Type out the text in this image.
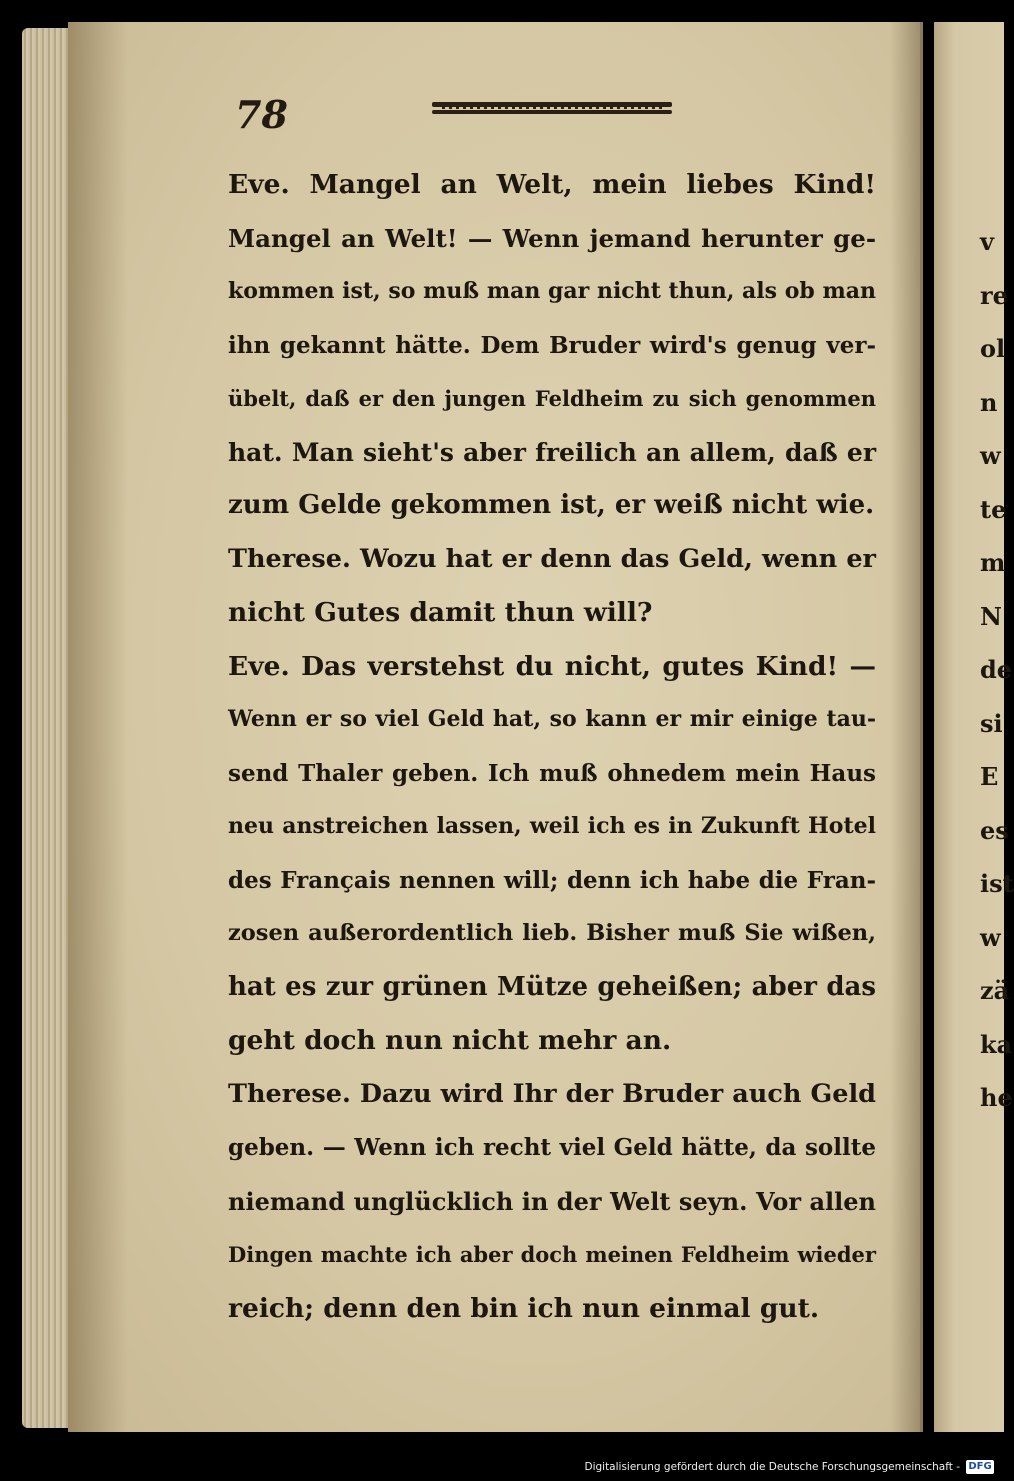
78
Eve. Mangel an Welt, mein liebes Kind!
Mangel an Welt! — Wenn jemand herunter ge-
kommen ist, so muß man gar nicht thun, als ob man
ihn gekannt hätte. Dem Bruder wird's genug ver-
übelt, daß er den jungen Feldheim zu sich genommen
hat. Man sieht's aber freilich an allem, daß er
zum Gelde gekommen ist, er weiß nicht wie.
Therese. Wozu hat er denn das Geld, wenn er
nicht Gutes damit thun will?
Eve. Das verstehst du nicht, gutes Kind! —
Wenn er so viel Geld hat, so kann er mir einige tau-
send Thaler geben. Ich muß ohnedem mein Haus
neu anstreichen lassen, weil ich es in Zukunft Hotel
des Français nennen will; denn ich habe die Fran-
zosen außerordentlich lieb. Bisher muß Sie wißen,
hat es zur grünen Mütze geheißen; aber das
geht doch nun nicht mehr an.
Therese. Dazu wird Ihr der Bruder auch Geld
geben. — Wenn ich recht viel Geld hätte, da sollte
niemand unglücklich in der Welt seyn. Vor allen
Dingen machte ich aber doch meinen Feldheim wieder
reich; denn den bin ich nun einmal gut.
v
re
ol
n
w
te
m
N
de
si
E
es
ist
w
zä
ka
he
Digitalisierung gefördert durch die Deutsche Forschungsgemeinschaft - DFG
